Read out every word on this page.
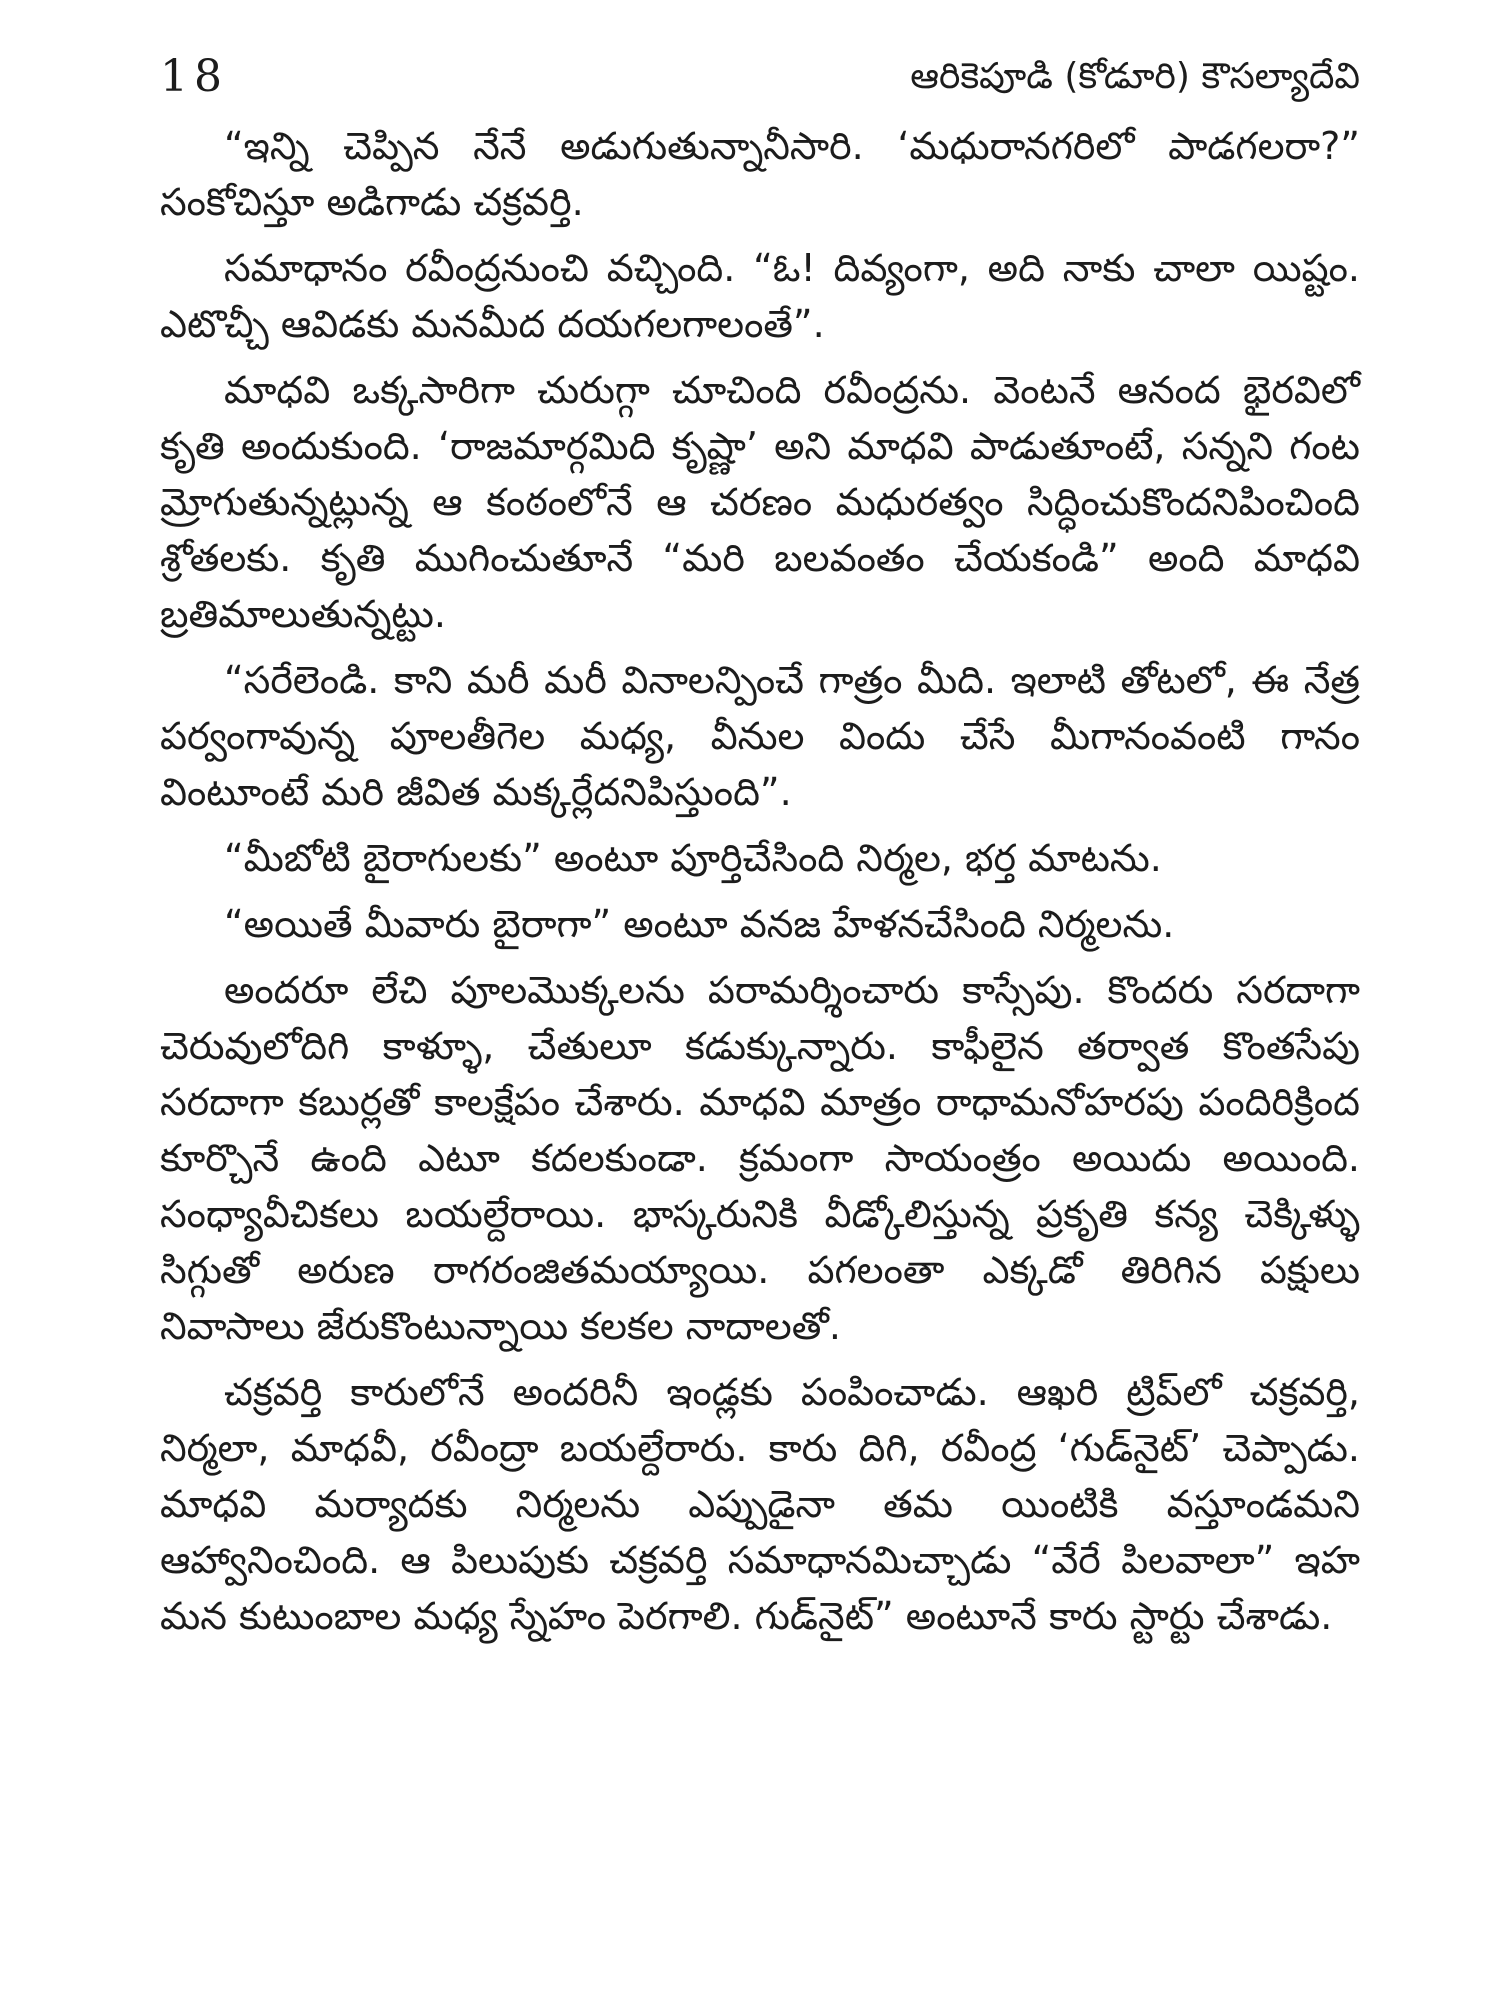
18	ఆరికెపూడి (కోడూరి) కౌసల్యాదేవి

“ఇన్ని చెప్పిన నేనే అడుగుతున్నానీసారి. ‘మధురానగరిలో పాడగలరా?” సంకోచిస్తూ అడిగాడు చక్రవర్తి.

సమాధానం రవీంద్రనుంచి వచ్చింది. “ఓ! దివ్యంగా, అది నాకు చాలా యిష్టం. ఎటొచ్చీ ఆవిడకు మనమీద దయగలగాలంతే”.

మాధవి ఒక్కసారిగా చురుగ్గా చూచింది రవీంద్రను. వెంటనే ఆనంద భైరవిలో కృతి అందుకుంది. ‘రాజమార్గమిది కృష్ణా’ అని మాధవి పాడుతూంటే, సన్నని గంట మ్రోగుతున్నట్లున్న ఆ కంఠంలోనే ఆ చరణం మధురత్వం సిద్ధించుకొందనిపించింది శ్రోతలకు. కృతి ముగించుతూనే “మరి బలవంతం చేయకండి” అంది మాధవి బ్రతిమాలుతున్నట్టు.

“సరేలెండి. కాని మరీ మరీ వినాలన్పించే గాత్రం మీది. ఇలాటి తోటలో, ఈ నేత్ర పర్వంగావున్న పూలతీగెల మధ్య, వీనుల విందు చేసే మీగానంవంటి గానం వింటూంటే మరి జీవిత మక్కర్లేదనిపిస్తుంది”.

“మీబోటి బైరాగులకు” అంటూ పూర్తిచేసింది నిర్మల, భర్త మాటను.

“అయితే మీవారు బైరాగా” అంటూ వనజ హేళనచేసింది నిర్మలను.

అందరూ లేచి పూలమొక్కలను పరామర్శించారు కాస్సేపు. కొందరు సరదాగా చెరువులోదిగి కాళ్ళూ, చేతులూ కడుక్కున్నారు. కాఫీలైన తర్వాత కొంతసేపు సరదాగా కబుర్లతో కాలక్షేపం చేశారు. మాధవి మాత్రం రాధామనోహరపు పందిరిక్రింద కూర్చొనే ఉంది ఎటూ కదలకుండా. క్రమంగా సాయంత్రం అయిదు అయింది. సంధ్యావీచికలు బయల్దేరాయి. భాస్కరునికి వీడ్కోలిస్తున్న ప్రకృతి కన్య చెక్కిళ్ళు సిగ్గుతో అరుణ రాగరంజితమయ్యాయి. పగలంతా ఎక్కడో తిరిగిన పక్షులు నివాసాలు జేరుకొంటున్నాయి కలకల నాదాలతో.

చక్రవర్తి కారులోనే అందరినీ ఇండ్లకు పంపించాడు. ఆఖరి ట్రిప్‌లో చక్రవర్తి, నిర్మలా, మాధవీ, రవీంద్రా బయల్దేరారు. కారు దిగి, రవీంద్ర ‘గుడ్‌నైట్’ చెప్పాడు. మాధవి మర్యాదకు నిర్మలను ఎప్పుడైనా తమ యింటికి వస్తూండమని ఆహ్వానించింది. ఆ పిలుపుకు చక్రవర్తి సమాధానమిచ్చాడు “వేరే పిలవాలా” ఇహ మన కుటుంబాల మధ్య స్నేహం పెరగాలి. గుడ్‌నైట్” అంటూనే కారు స్టార్టు చేశాడు.
